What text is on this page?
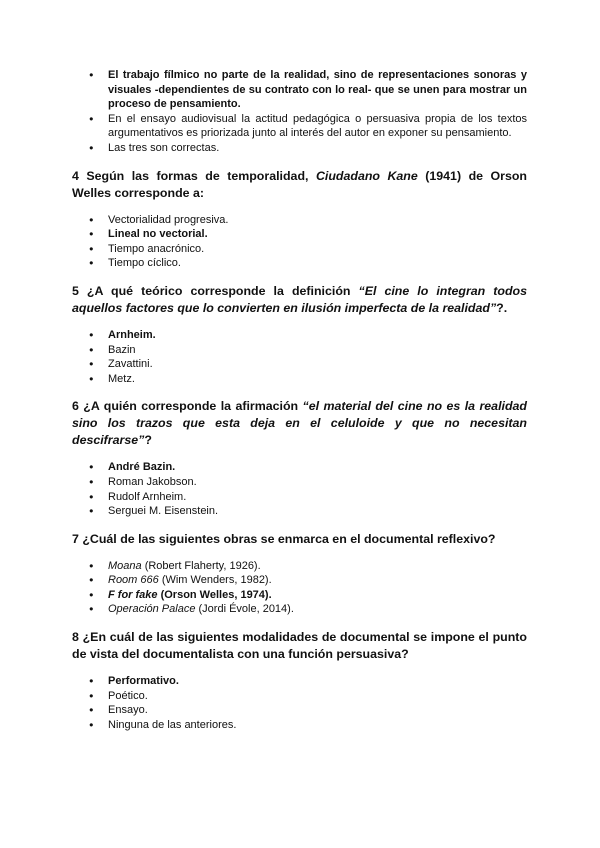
● El trabajo fílmico no parte de la realidad, sino de representaciones sonoras y visuales -dependientes de su contrato con lo real- que se unen para mostrar un proceso de pensamiento.
● En el ensayo audiovisual la actitud pedagógica o persuasiva propia de los textos argumentativos es priorizada junto al interés del autor en exponer su pensamiento.
● Las tres son correctas.
4 Según las formas de temporalidad, Ciudadano Kane (1941) de Orson Welles corresponde a:
● Vectorialidad progresiva.
● Lineal no vectorial.
● Tiempo anacrónico.
● Tiempo cíclico.
5 ¿A qué teórico corresponde la definición “El cine lo integran todos aquellos factores que lo convierten en ilusión imperfecta de la realidad”?.
● Arnheim.
● Bazin
● Zavattini.
● Metz.
6 ¿A quién corresponde la afirmación “el material del cine no es la realidad sino los trazos que esta deja en el celuloide y que no necesitan descifrarse”?
● André Bazin.
● Roman Jakobson.
● Rudolf Arnheim.
● Serguei M. Eisenstein.
7 ¿Cuál de las siguientes obras se enmarca en el documental reflexivo?
● Moana (Robert Flaherty, 1926).
● Room 666 (Wim Wenders, 1982).
● F for fake (Orson Welles, 1974).
● Operación Palace (Jordi Évole, 2014).
8 ¿En cuál de las siguientes modalidades de documental se impone el punto de vista del documentalista con una función persuasiva?
● Performativo.
● Poético.
● Ensayo.
● Ninguna de las anteriores.
